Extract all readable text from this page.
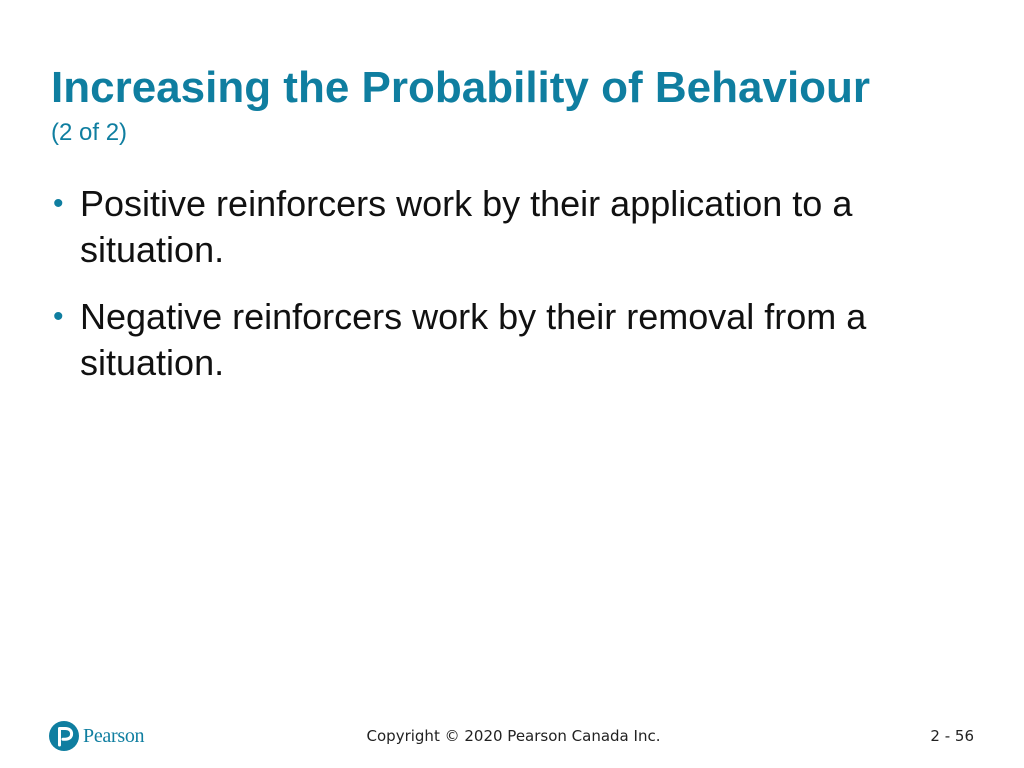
Increasing the Probability of Behaviour
(2 of 2)
• Positive reinforcers work by their application to a situation.
• Negative reinforcers work by their removal from a situation.
Pearson	Copyright © 2020 Pearson Canada Inc.	2 - 56
